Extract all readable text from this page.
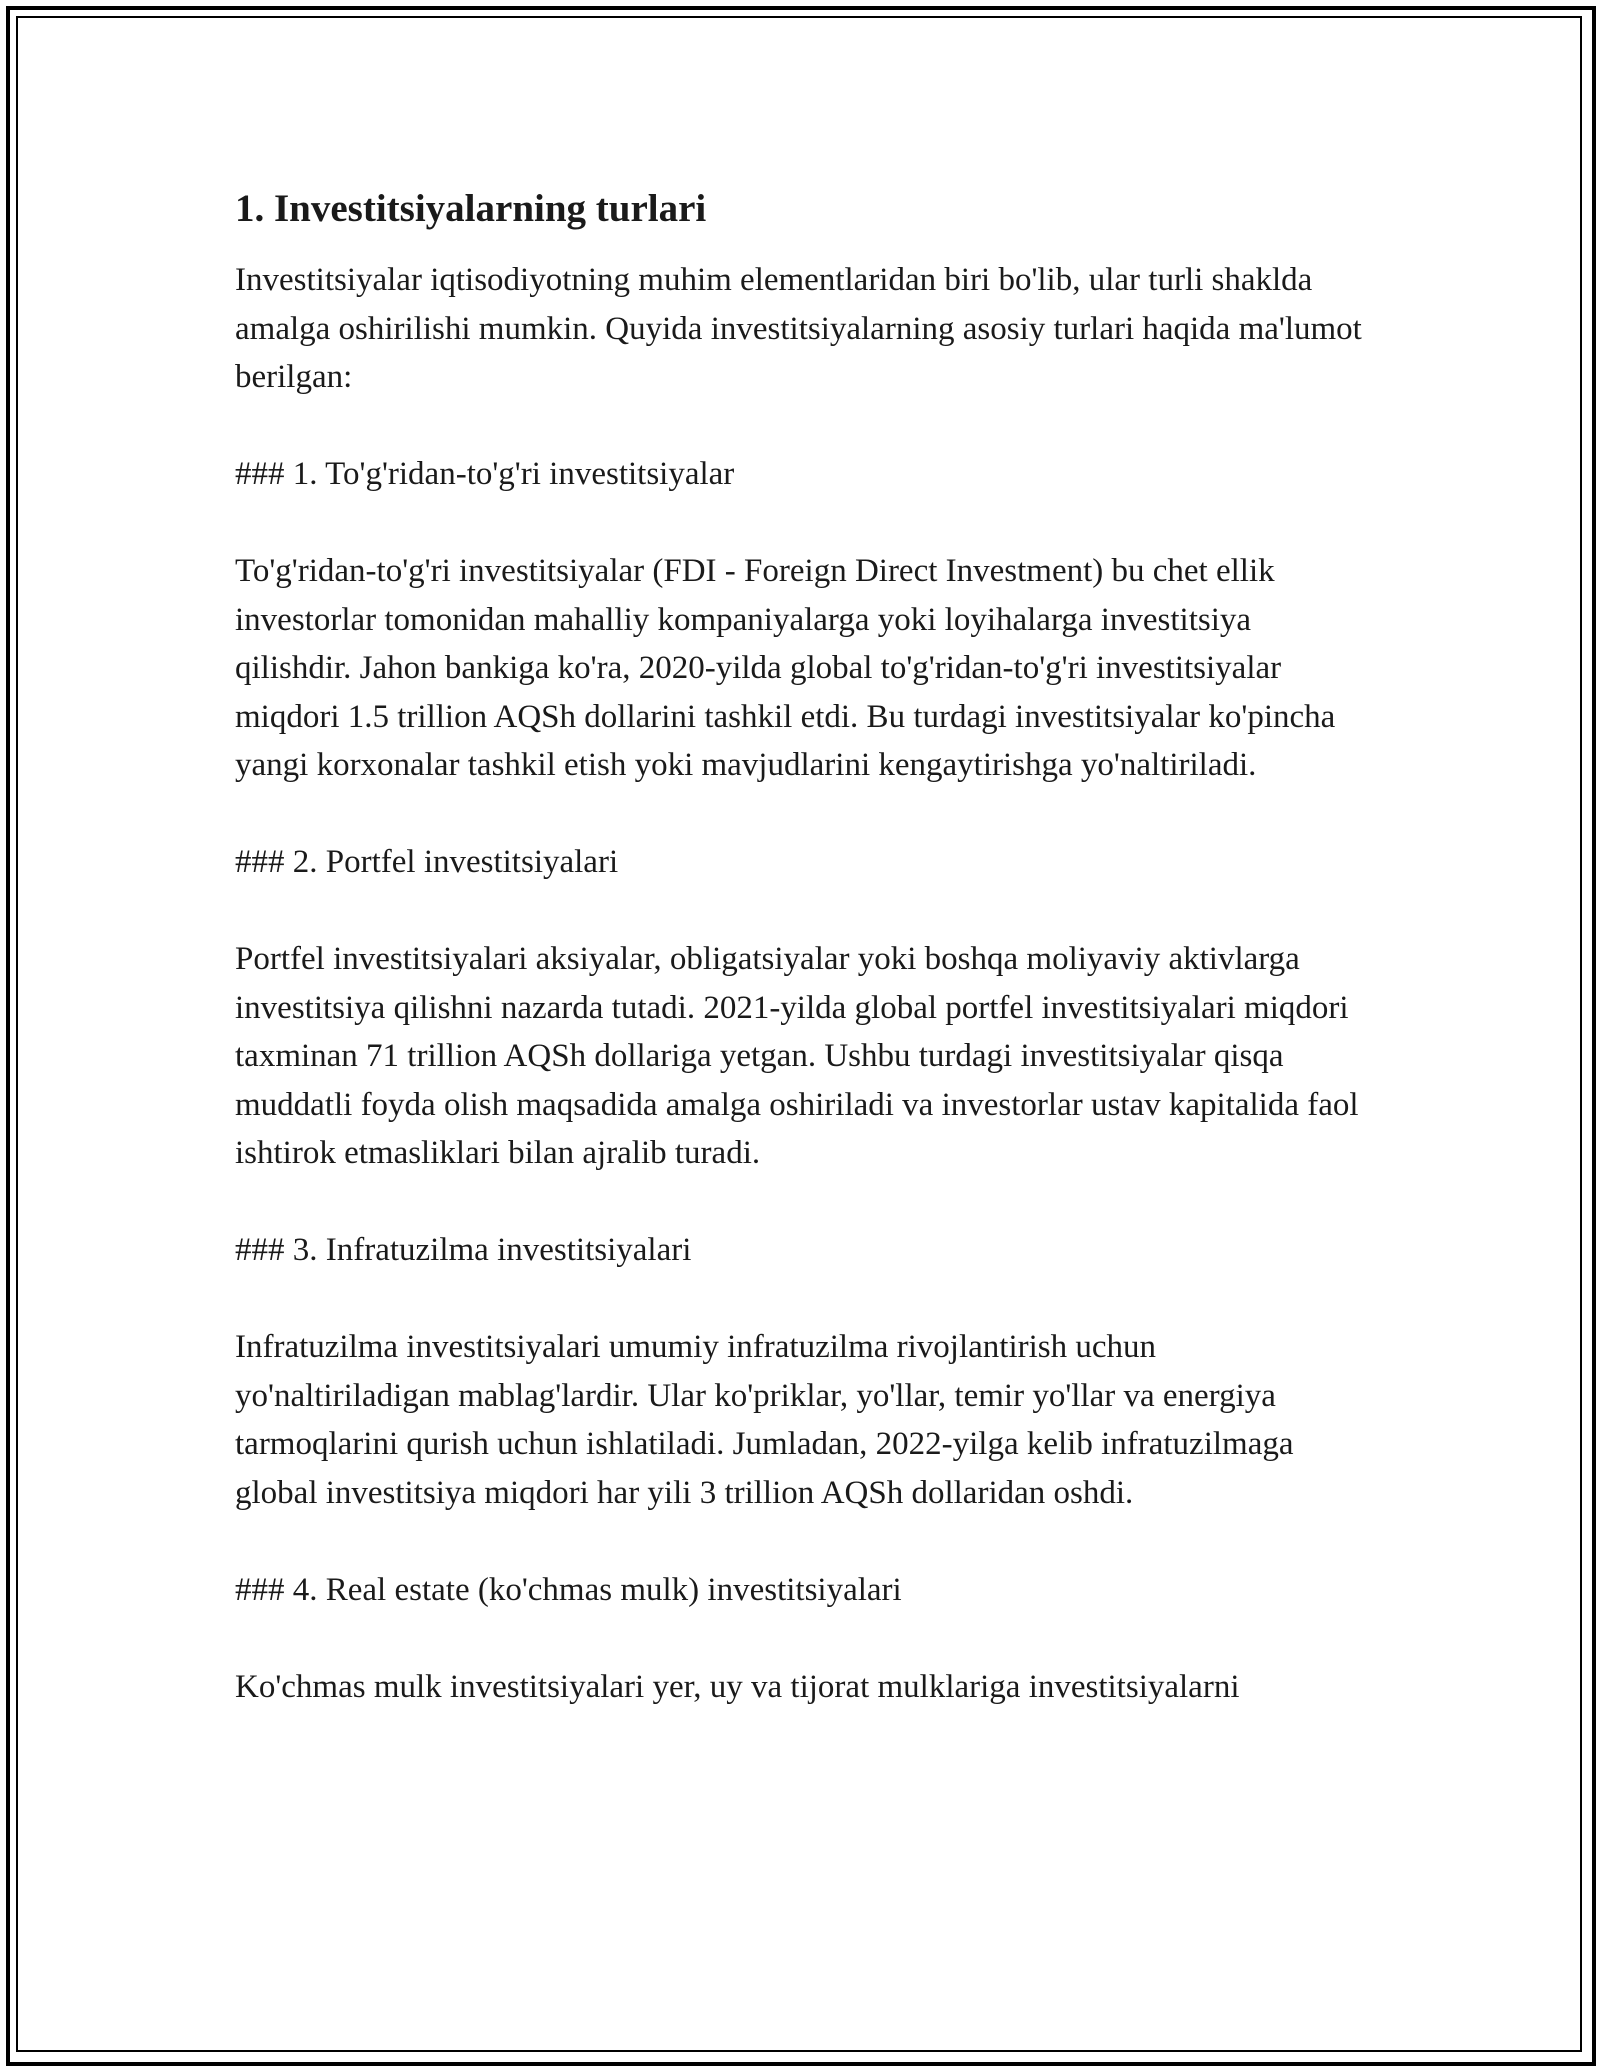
1. Investitsiyalarning turlari

Investitsiyalar iqtisodiyotning muhim elementlaridan biri bo'lib, ular turli shaklda amalga oshirilishi mumkin. Quyida investitsiyalarning asosiy turlari haqida ma'lumot berilgan:

### 1. To'g'ridan-to'g'ri investitsiyalar

To'g'ridan-to'g'ri investitsiyalar (FDI - Foreign Direct Investment) bu chet ellik investorlar tomonidan mahalliy kompaniyalarga yoki loyihalarga investitsiya qilishdir. Jahon bankiga ko'ra, 2020-yilda global to'g'ridan-to'g'ri investitsiyalar miqdori 1.5 trillion AQSh dollarini tashkil etdi. Bu turdagi investitsiyalar ko'pincha yangi korxonalar tashkil etish yoki mavjudlarini kengaytirishga yo'naltiriladi.

### 2. Portfel investitsiyalari

Portfel investitsiyalari aksiyalar, obligatsiyalar yoki boshqa moliyaviy aktivlarga investitsiya qilishni nazarda tutadi. 2021-yilda global portfel investitsiyalari miqdori taxminan 71 trillion AQSh dollariga yetgan. Ushbu turdagi investitsiyalar qisqa muddatli foyda olish maqsadida amalga oshiriladi va investorlar ustav kapitalida faol ishtirok etmasliklari bilan ajralib turadi.

### 3. Infratuzilma investitsiyalari

Infratuzilma investitsiyalari umumiy infratuzilma rivojlantirish uchun yo'naltiriladigan mablag'lardir. Ular ko'priklar, yo'llar, temir yo'llar va energiya tarmoqlarini qurish uchun ishlatiladi. Jumladan, 2022-yilga kelib infratuzilmaga global investitsiya miqdori har yili 3 trillion AQSh dollaridan oshdi.

### 4. Real estate (ko'chmas mulk) investitsiyalari

Ko'chmas mulk investitsiyalari yer, uy va tijorat mulklariga investitsiyalarni
